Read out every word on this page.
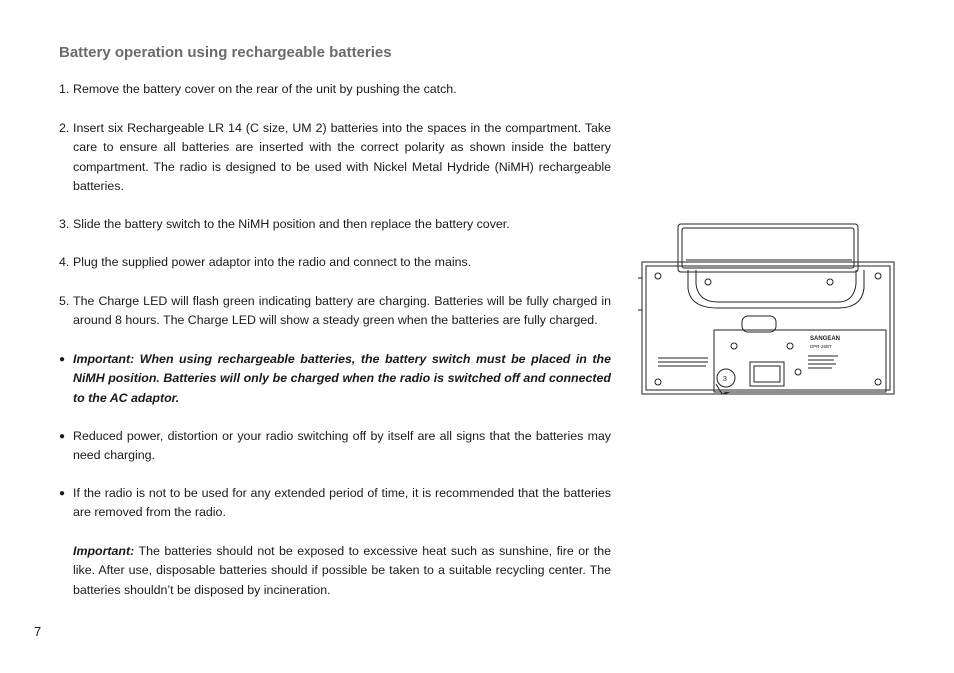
Battery operation using rechargeable batteries
1. Remove the battery cover on the rear of the unit by pushing the catch.
2. Insert six Rechargeable LR 14 (C size, UM 2) batteries into the spaces in the compartment. Take care to ensure all batteries are inserted with the correct polarity as shown inside the battery compartment. The radio is designed to be used with Nickel Metal Hydride (NiMH) rechargeable batteries.
3. Slide the battery switch to the NiMH position and then replace the battery cover.
4. Plug the supplied power adaptor into the radio and connect to the mains.
5. The Charge LED will flash green indicating battery are charging. Batteries will be fully charged in around 8 hours. The Charge LED will show a steady green when the batteries are fully charged.
● Important: When using rechargeable batteries, the battery switch must be placed in the NiMH position. Batteries will only be charged when the radio is switched off and connected to the AC adaptor.
● Reduced power, distortion or your radio switching off by itself are all signs that the batteries may need charging.
● If the radio is not to be used for any extended period of time, it is recommended that the batteries are removed from the radio.
Important: The batteries should not be exposed to excessive heat such as sunshine, fire or the like. After use, disposable batteries should if possible be taken to a suitable recycling center. The batteries shouldn’t be disposed by incineration.
SANGEAN
DPR-26BT
3
7
